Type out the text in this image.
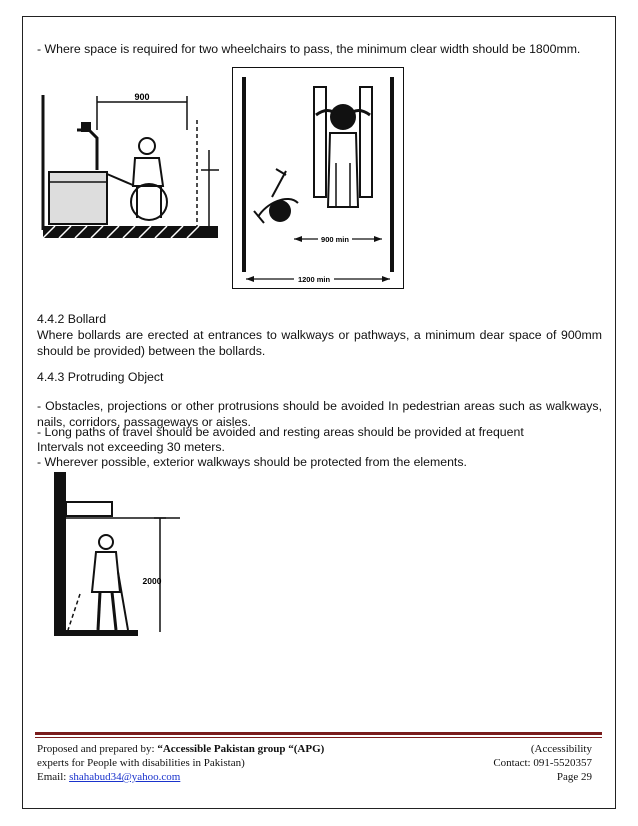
- Where space is required for two wheelchairs to pass, the minimum clear width should be 1800mm.

900
900 min
1200 min

4.4.2 Bollard

Where bollards are erected at entrances to walkways or pathways, a minimum dear space of 900mm should be provided) between the bollards.

4.4.3 Protruding Object

- Obstacles, projections or other protrusions should be avoided In pedestrian areas such as walkways, nails, corridors, passageways or aisles.

- Long paths of travel should be avoided and resting areas should be provided at frequent

Intervals not exceeding 30 meters.

- Wherever possible, exterior walkways should be protected from the elements.

2000
Proposed and prepared by: “Accessible Pakistan group “(APG)	(Accessibility
experts for People with disabilities in Pakistan)	Contact: 091-5520357
Email: shahabud34@yahoo.com	Page 29
